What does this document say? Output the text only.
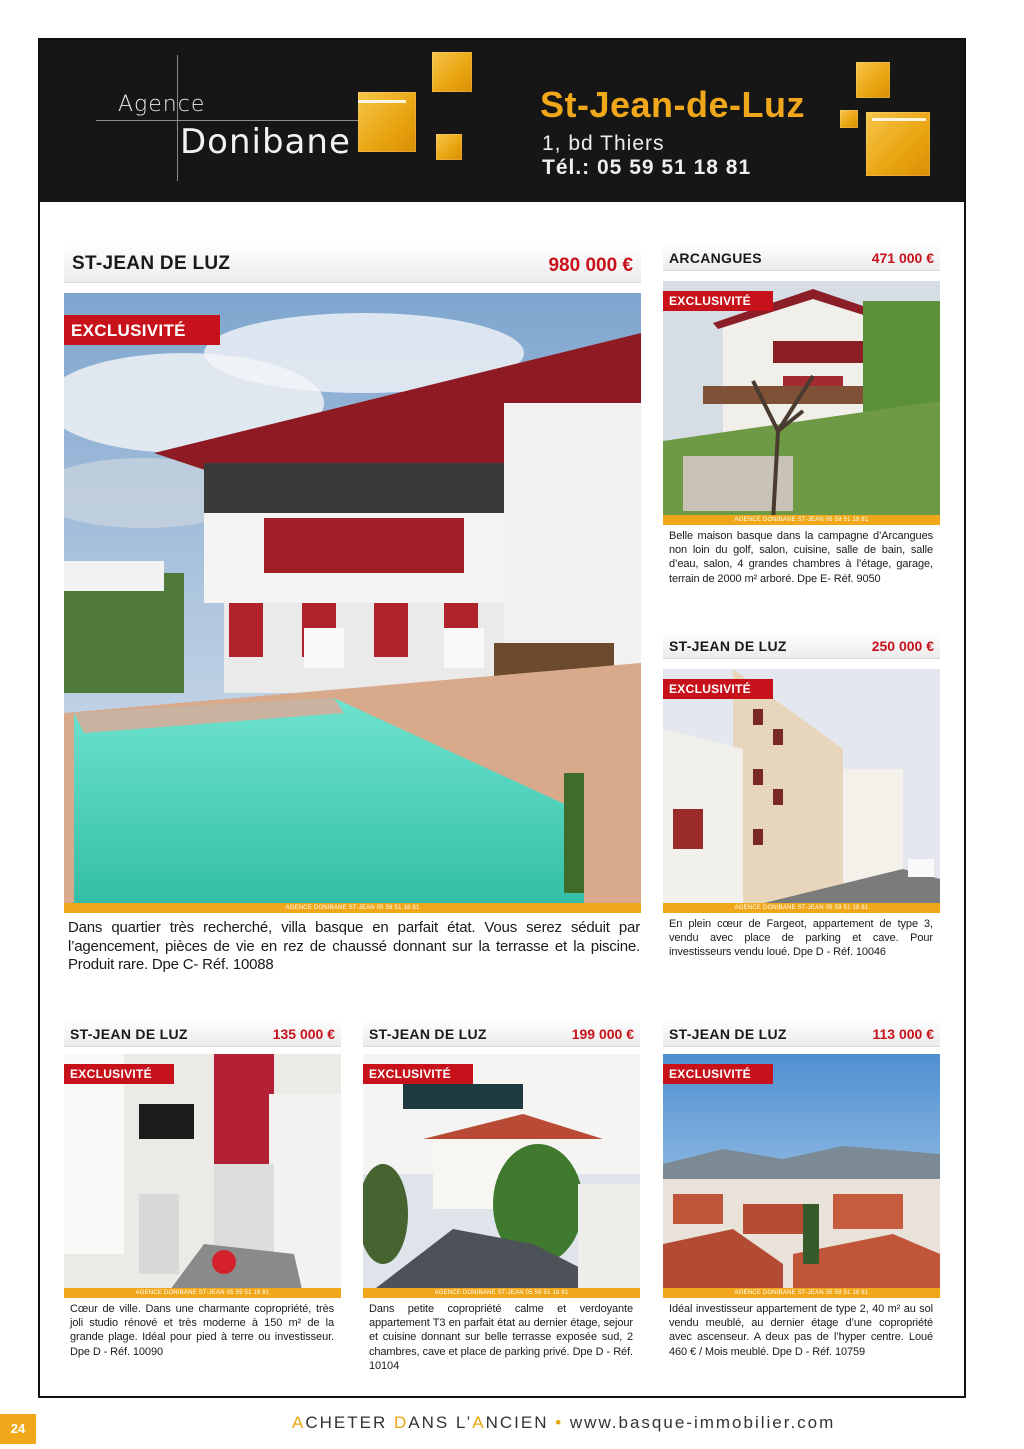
Agence
Donibane
St-Jean-de-Luz
1, bd Thiers
Tél.: 05 59 51 18 81
ST-JEAN DE LUZ	980 000 €
EXCLUSIVITÉ
AGENCE DONIBANE ST-JEAN 05 59 51 18 81
Dans quartier très recherché, villa basque en parfait état. Vous serez séduit par l’agencement, pièces de vie en rez de chaussé donnant sur la terrasse et la piscine. Produit rare. Dpe C- Réf. 10088
ARCANGUES	471 000 €
EXCLUSIVITÉ
AGENCE DONIBANE ST-JEAN 05 59 51 18 81
Belle maison basque dans la campagne d’Arcangues non loin du golf, salon, cuisine, salle de bain, salle d’eau, salon, 4 grandes chambres à l’étage, garage, terrain de 2000 m² arboré. Dpe E- Réf. 9050
ST-JEAN DE LUZ	250 000 €
EXCLUSIVITÉ
AGENCE DONIBANE ST-JEAN 05 59 51 18 81
En plein cœur de Fargeot, appartement de type 3, vendu avec place de parking et cave. Pour investisseurs vendu loué. Dpe D - Réf. 10046
ST-JEAN DE LUZ	135 000 €
EXCLUSIVITÉ
AGENCE DONIBANE ST-JEAN 05 59 51 18 81
Cœur de ville. Dans une charmante copropriété, très joli studio rénové et très moderne à 150 m² de la grande plage. Idéal pour pied à terre ou investisseur. Dpe D - Réf. 10090
ST-JEAN DE LUZ	199 000 €
EXCLUSIVITÉ
AGENCE DONIBANE ST-JEAN 05 59 51 18 81
Dans petite copropriété calme et verdoyante appartement T3 en parfait état au dernier étage, sejour et cuisine donnant sur belle terrasse exposée sud, 2 chambres, cave et place de parking privé. Dpe D - Réf. 10104
ST-JEAN DE LUZ	113 000 €
EXCLUSIVITÉ
AGENCE DONIBANE ST-JEAN 05 59 51 18 81
Idéal investisseur appartement de type 2, 40 m² au sol vendu meublé, au dernier étage d’une copropriété avec ascenseur. A deux pas de l’hyper centre. Loué 460 € / Mois meublé. Dpe D - Réf. 10759
24	ACHETER DANS L’ANCIEN • www.basque-immobilier.com
